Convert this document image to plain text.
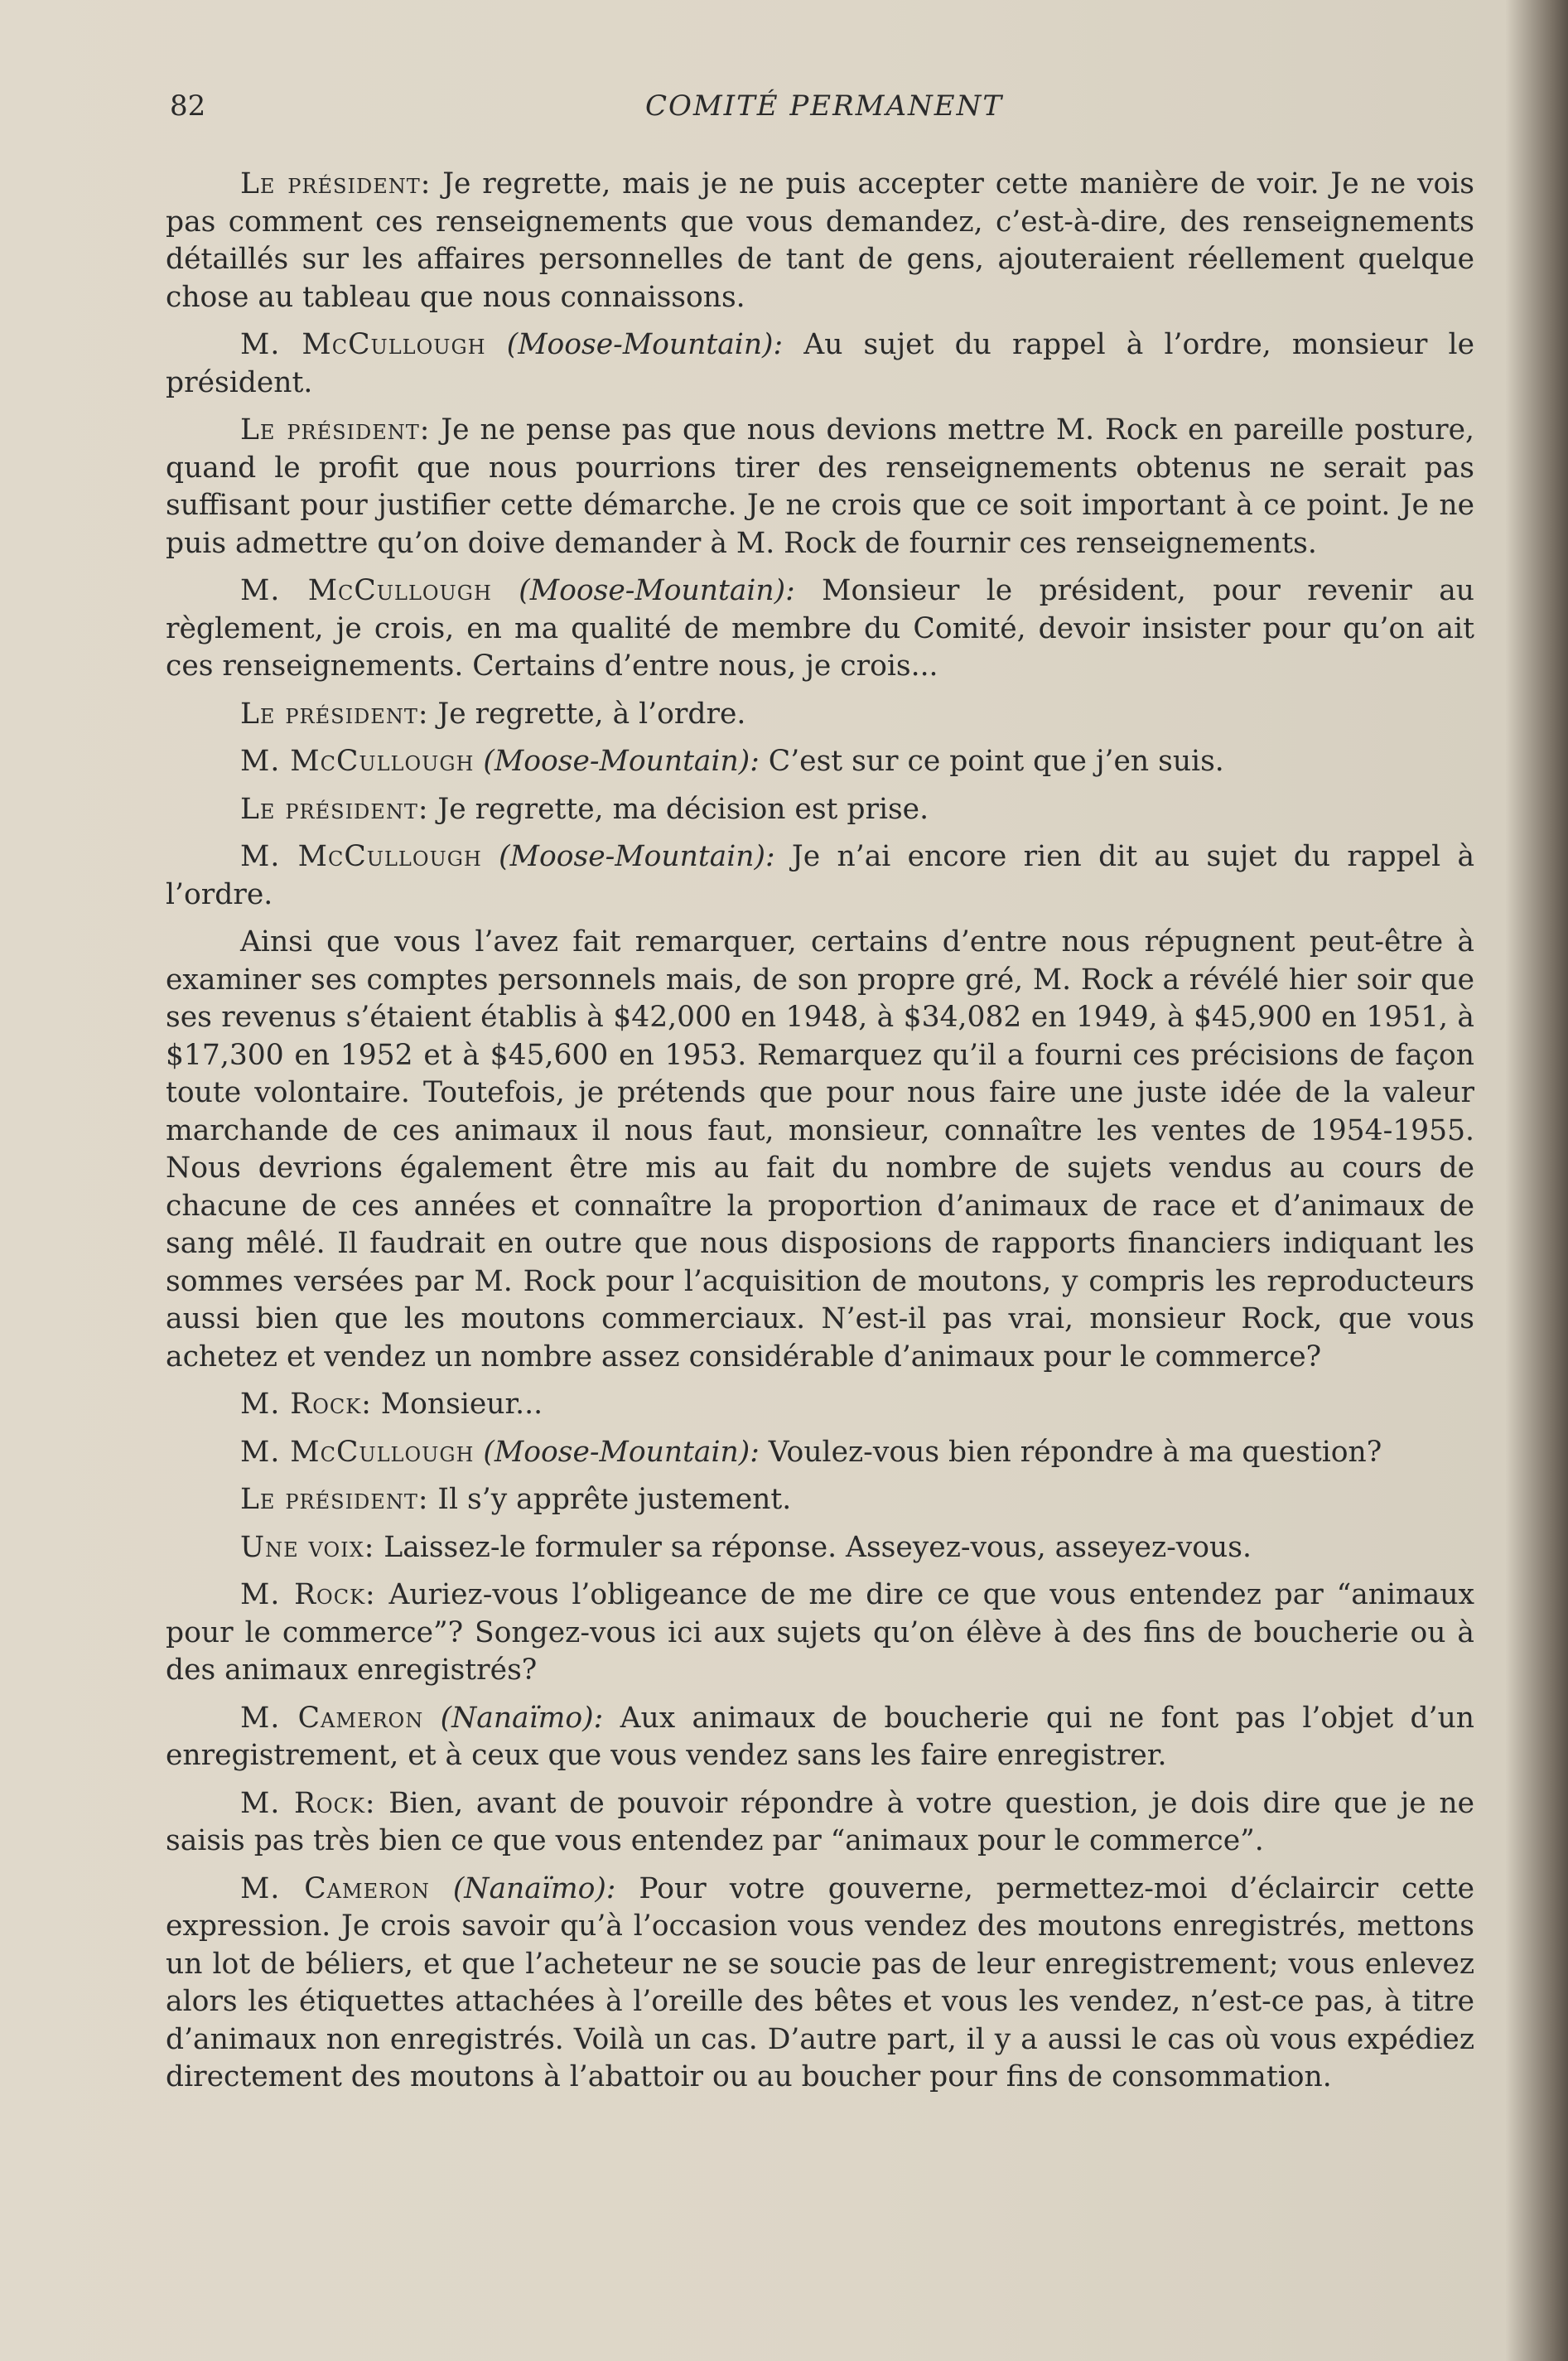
82	COMITÉ PERMANENT

Le président: Je regrette, mais je ne puis accepter cette manière de voir. Je ne vois pas comment ces renseignements que vous demandez, c’est-à-dire, des renseignements détaillés sur les affaires personnelles de tant de gens, ajouteraient réellement quelque chose au tableau que nous connaissons.

M. McCullough (Moose-Mountain): Au sujet du rappel à l’ordre, monsieur le président.

Le président: Je ne pense pas que nous devions mettre M. Rock en pareille posture, quand le profit que nous pourrions tirer des renseignements obtenus ne serait pas suffisant pour justifier cette démarche. Je ne crois que ce soit important à ce point. Je ne puis admettre qu’on doive demander à M. Rock de fournir ces renseignements.

M. McCullough (Moose-Mountain): Monsieur le président, pour revenir au règlement, je crois, en ma qualité de membre du Comité, devoir insister pour qu’on ait ces renseignements. Certains d’entre nous, je crois...

Le président: Je regrette, à l’ordre.

M. McCullough (Moose-Mountain): C’est sur ce point que j’en suis.

Le président: Je regrette, ma décision est prise.

M. McCullough (Moose-Mountain): Je n’ai encore rien dit au sujet du rappel à l’ordre.

Ainsi que vous l’avez fait remarquer, certains d’entre nous répugnent peut-être à examiner ses comptes personnels mais, de son propre gré, M. Rock a révélé hier soir que ses revenus s’étaient établis à $42,000 en 1948, à $34,082 en 1949, à $45,900 en 1951, à $17,300 en 1952 et à $45,600 en 1953. Remarquez qu’il a fourni ces précisions de façon toute volontaire. Toutefois, je prétends que pour nous faire une juste idée de la valeur marchande de ces animaux il nous faut, monsieur, connaître les ventes de 1954-1955. Nous devrions également être mis au fait du nombre de sujets vendus au cours de chacune de ces années et connaître la proportion d’animaux de race et d’animaux de sang mêlé. Il faudrait en outre que nous disposions de rapports financiers indiquant les sommes versées par M. Rock pour l’acquisition de moutons, y compris les reproducteurs aussi bien que les moutons commerciaux. N’est-il pas vrai, monsieur Rock, que vous achetez et vendez un nombre assez considérable d’animaux pour le commerce?

M. Rock: Monsieur...

M. McCullough (Moose-Mountain): Voulez-vous bien répondre à ma question?

Le président: Il s’y apprête justement.

Une voix: Laissez-le formuler sa réponse. Asseyez-vous, asseyez-vous.

M. Rock: Auriez-vous l’obligeance de me dire ce que vous entendez par “animaux pour le commerce”? Songez-vous ici aux sujets qu’on élève à des fins de boucherie ou à des animaux enregistrés?

M. Cameron (Nanaïmo): Aux animaux de boucherie qui ne font pas l’objet d’un enregistrement, et à ceux que vous vendez sans les faire enregistrer.

M. Rock: Bien, avant de pouvoir répondre à votre question, je dois dire que je ne saisis pas très bien ce que vous entendez par “animaux pour le commerce”.

M. Cameron (Nanaïmo): Pour votre gouverne, permettez-moi d’éclaircir cette expression. Je crois savoir qu’à l’occasion vous vendez des moutons enregistrés, mettons un lot de béliers, et que l’acheteur ne se soucie pas de leur enregistrement; vous enlevez alors les étiquettes attachées à l’oreille des bêtes et vous les vendez, n’est-ce pas, à titre d’animaux non enregistrés. Voilà un cas. D’autre part, il y a aussi le cas où vous expédiez directement des moutons à l’abattoir ou au boucher pour fins de consommation.
